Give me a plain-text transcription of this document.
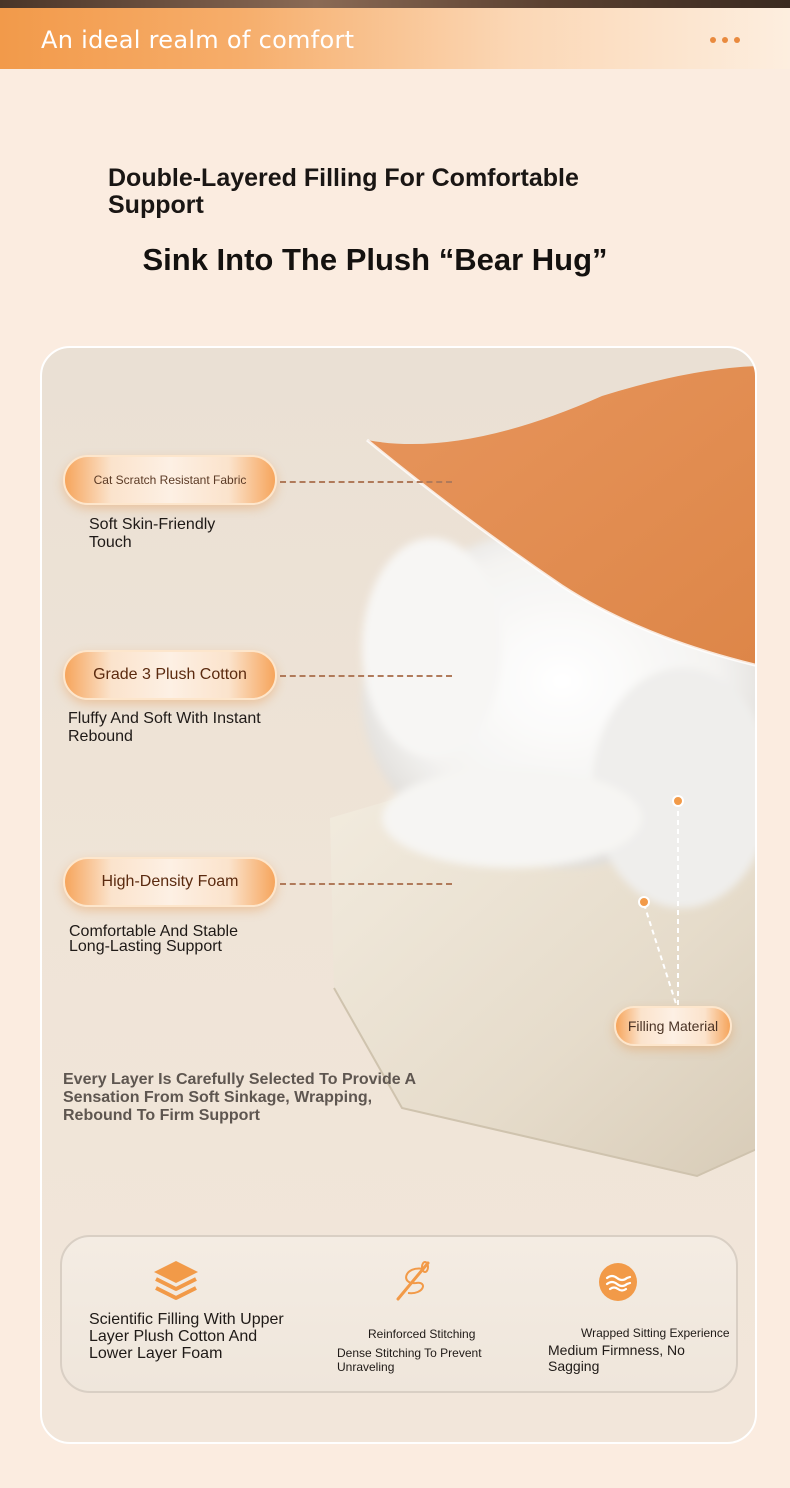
An ideal realm of comfort
Double-Layered Filling For Comfortable Support
Sink Into The Plush “Bear Hug”
Filling Material
Cat Scratch Resistant Fabric
Soft Skin-Friendly Touch
Grade 3 Plush Cotton
Fluffy And Soft With Instant Rebound
High-Density Foam
Comfortable And Stable Long-Lasting Support
Every Layer Is Carefully Selected To Provide A Sensation From Soft Sinkage, Wrapping, Rebound To Firm Support
Scientific Filling With Upper Layer Plush Cotton And Lower Layer Foam
Reinforced Stitching
Dense Stitching To Prevent Unraveling
Wrapped Sitting Experience
Medium Firmness, No Sagging
